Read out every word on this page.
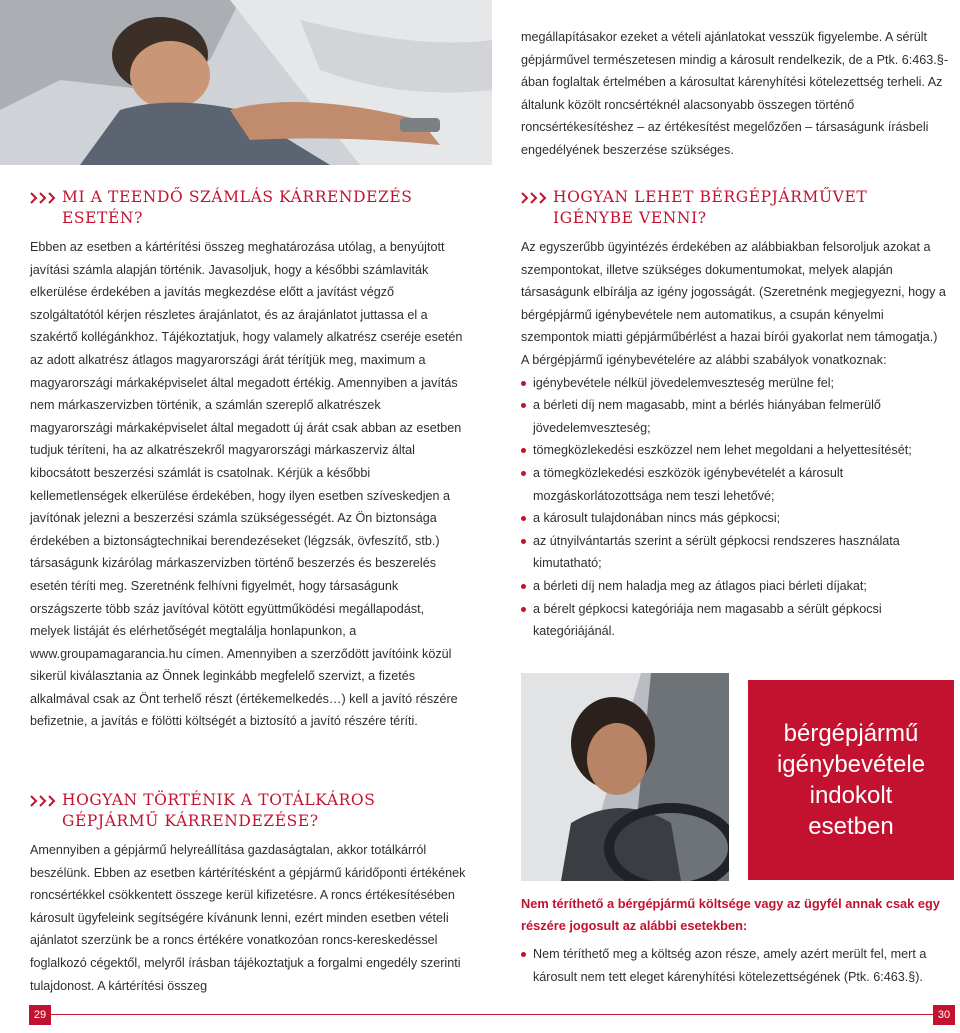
megállapításakor ezeket a vételi ajánlatokat vesszük figyelembe. A sérült gépjárművel természetesen mindig a károsult rendelkezik, de a Ptk. 6:463.§-ában foglaltak értelmében a károsultat kárenyhítési kötelezettség terheli. Az általunk közölt roncsértéknél alacsonyabb összegen történő roncsértékesítéshez – az értékesítést megelőzően – társaságunk írásbeli engedélyének beszerzése szükséges.

MI A TEENDŐ SZÁMLÁS KÁRRENDEZÉS
ESETÉN?

Ebben az esetben a kártérítési összeg meghatározása utólag, a benyújtott javítási számla alapján történik. Javasoljuk, hogy a későbbi számlaviták elkerülése érdekében a javítás megkezdése előtt a javítást végző szolgáltatótól kérjen részletes árajánlatot, és az árajánlatot juttassa el a szakértő kollégánkhoz. Tájékoztatjuk, hogy valamely alkatrész cseréje esetén az adott alkatrész átlagos magyarországi árát térítjük meg, maximum a magyarországi márkaképviselet által megadott értékig. Amennyiben a javítás nem márkaszervizben történik, a számlán szereplő alkatrészek magyarországi márkaképviselet által megadott új árát csak abban az esetben tudjuk téríteni, ha az alkatrészekről magyarországi márkaszerviz által kibocsátott beszerzési számlát is csatolnak. Kérjük a későbbi kellemetlenségek elkerülése érdekében, hogy ilyen esetben szíveskedjen a javítónak jelezni a beszerzési számla szükségességét. Az Ön biztonsága érdekében a biztonságtechnikai berendezéseket (légzsák, övfeszítő, stb.) társaságunk kizárólag márkaszervizben történő beszerzés és beszerelés esetén téríti meg. Szeretnénk felhívni figyelmét, hogy társaságunk országszerte több száz javítóval kötött együttműködési megállapodást, melyek listáját és elérhetőségét megtalálja honlapunkon, a www.groupamagarancia.hu címen. Amennyiben a szerződött javítóink közül sikerül kiválasztania az Önnek leginkább megfelelő szervizt, a fizetés alkalmával csak az Önt terhelő részt (értékemelkedés…) kell a javító részére befizetnie, a javítás e fölötti költségét a biztosító a javító részére téríti.

HOGYAN TÖRTÉNIK A TOTÁLKÁROS
GÉPJÁRMŰ KÁRRENDEZÉSE?

Amennyiben a gépjármű helyreállítása gazdaságtalan, akkor totálkárról beszélünk. Ebben az esetben kártérítésként a gépjármű káridőponti értékének roncsértékkel csökkentett összege kerül kifizetésre. A roncs értékesítésében károsult ügyfeleink segítségére kívánunk lenni, ezért minden esetben vételi ajánlatot szerzünk be a roncs értékére vonatkozóan roncs-kereskedéssel foglalkozó cégektől, melyről írásban tájékoztatjuk a forgalmi engedély szerinti tulajdonost. A kártérítési összeg

HOGYAN LEHET BÉRGÉPJÁRMŰVET
IGÉNYBE VENNI?

Az egyszerűbb ügyintézés érdekében az alábbiakban felsoroljuk azokat a szempontokat, illetve szükséges dokumentumokat, melyek alapján társaságunk elbírálja az igény jogosságát. (Szeretnénk megjegyezni, hogy a bérgépjármű igénybevétele nem automatikus, a csupán kényelmi szempontok miatti gépjárműbérlést a hazai bírói gyakorlat nem támogatja.)

A bérgépjármű igénybevételére az alábbi szabályok vonatkoznak:

igénybevétele nélkül jövedelemveszteség merülne fel;
a bérleti díj nem magasabb, mint a bérlés hiányában felmerülő jövedelemveszteség;
tömegközlekedési eszközzel nem lehet megoldani a helyettesítését;
a tömegközlekedési eszközök igénybevételét a károsult mozgáskorlátozottsága nem teszi lehetővé;
a károsult tulajdonában nincs más gépkocsi;
az útnyilvántartás szerint a sérült gépkocsi rendszeres használata kimutatható;
a bérleti díj nem haladja meg az átlagos piaci bérleti díjakat;
a bérelt gépkocsi kategóriája nem magasabb a sérült gépkocsi kategóriájánál.
bérgépjármű igénybevétele indokolt esetben
Nem téríthető a bérgépjármű költsége vagy az ügyfél annak csak egy részére jogosult az alábbi esetekben:
Nem téríthető meg a költség azon része, amely azért merült fel, mert a károsult nem tett eleget kárenyhítési kötelezettségének (Ptk. 6:463.§).
29	30
